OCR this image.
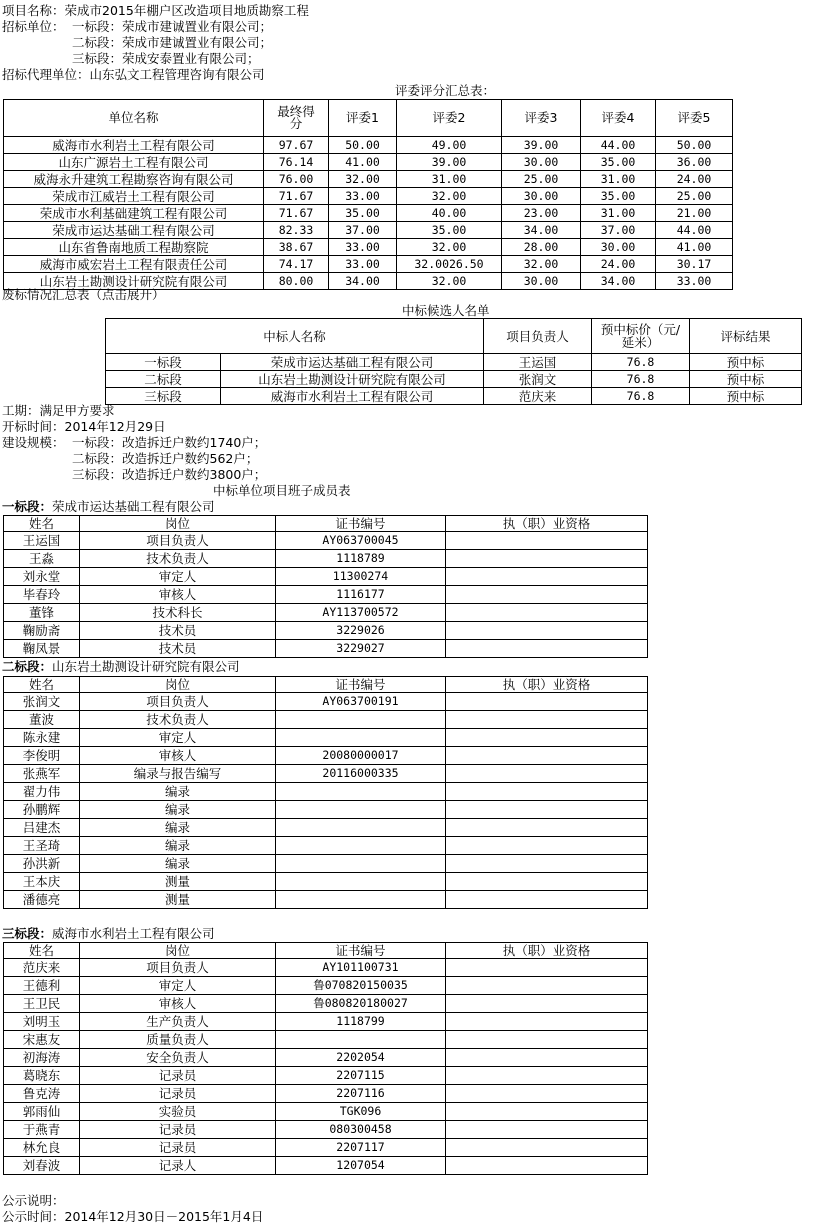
项目名称：荣成市2015年棚户区改造项目地质勘察工程
招标单位： 一标段：荣成市建诚置业有限公司；
二标段：荣成市建诚置业有限公司；
三标段：荣成安泰置业有限公司；
招标代理单位：山东弘文工程管理咨询有限公司
评委评分汇总表：
单位名称	最终得分	评委1	评委2	评委3	评委4	评委5
威海市水利岩土工程有限公司	97.67	50.00	49.00	39.00	44.00	50.00
山东广源岩土工程有限公司	76.14	41.00	39.00	30.00	35.00	36.00
威海永升建筑工程勘察咨询有限公司	76.00	32.00	31.00	25.00	31.00	24.00
荣成市江威岩土工程有限公司	71.67	33.00	32.00	30.00	35.00	25.00
荣成市水利基础建筑工程有限公司	71.67	35.00	40.00	23.00	31.00	21.00
荣成市运达基础工程有限公司	82.33	37.00	35.00	34.00	37.00	44.00
山东省鲁南地质工程勘察院	38.67	33.00	32.00	28.00	30.00	41.00
威海市威宏岩土工程有限责任公司	74.17	33.00	32.0026.50	32.00	24.00	30.17
山东岩土勘测设计研究院有限公司	80.00	34.00	32.00	30.00	34.00	33.00
废标情况汇总表（点击展开）
中标候选人名单
中标人名称		项目负责人	预中标价（元/延米）	评标结果
一标段	荣成市运达基础工程有限公司	王运国	76.8	预中标
二标段	山东岩土勘测设计研究院有限公司	张润文	76.8	预中标
三标段	威海市水利岩土工程有限公司	范庆来	76.8	预中标
工期：满足甲方要求
开标时间：2014年12月29日
建设规模： 一标段：改造拆迁户数约1740户；
二标段：改造拆迁户数约562户；
三标段：改造拆迁户数约3800户；
中标单位项目班子成员表
一标段：荣成市运达基础工程有限公司
姓名	岗位	证书编号	执（职）业资格
王运国	项目负责人	AY063700045	
王淼	技术负责人	1118789	
刘永堂	审定人	11300274	
毕春玲	审核人	1116177	
董锋	技术科长	AY113700572	
鞠励斋	技术员	3229026	
鞠凤景	技术员	3229027	
二标段：山东岩土勘测设计研究院有限公司
姓名	岗位	证书编号	执（职）业资格
张润文	项目负责人	AY063700191	
董波	技术负责人		
陈永建	审定人		
李俊明	审核人	20080000017	
张燕军	编录与报告编写	20116000335	
翟力伟	编录		
孙鹏辉	编录		
吕建杰	编录		
王圣琦	编录		
孙洪新	编录		
王本庆	测量		
潘德亮	测量		
三标段：威海市水利岩土工程有限公司
姓名	岗位	证书编号	执（职）业资格
范庆来	项目负责人	AY101100731	
王德利	审定人	鲁070820150035	
王卫民	审核人	鲁080820180027	
刘明玉	生产负责人	1118799	
宋惠友	质量负责人		
初海涛	安全负责人	2202054	
葛晓东	记录员	2207115	
鲁克涛	记录员	2207116	
郭雨仙	实验员	TGK096	
于燕青	记录员	080300458	
林允良	记录员	2207117	
刘春波	记录人	1207054	
公示说明：
公示时间：2014年12月30日－2015年1月4日
